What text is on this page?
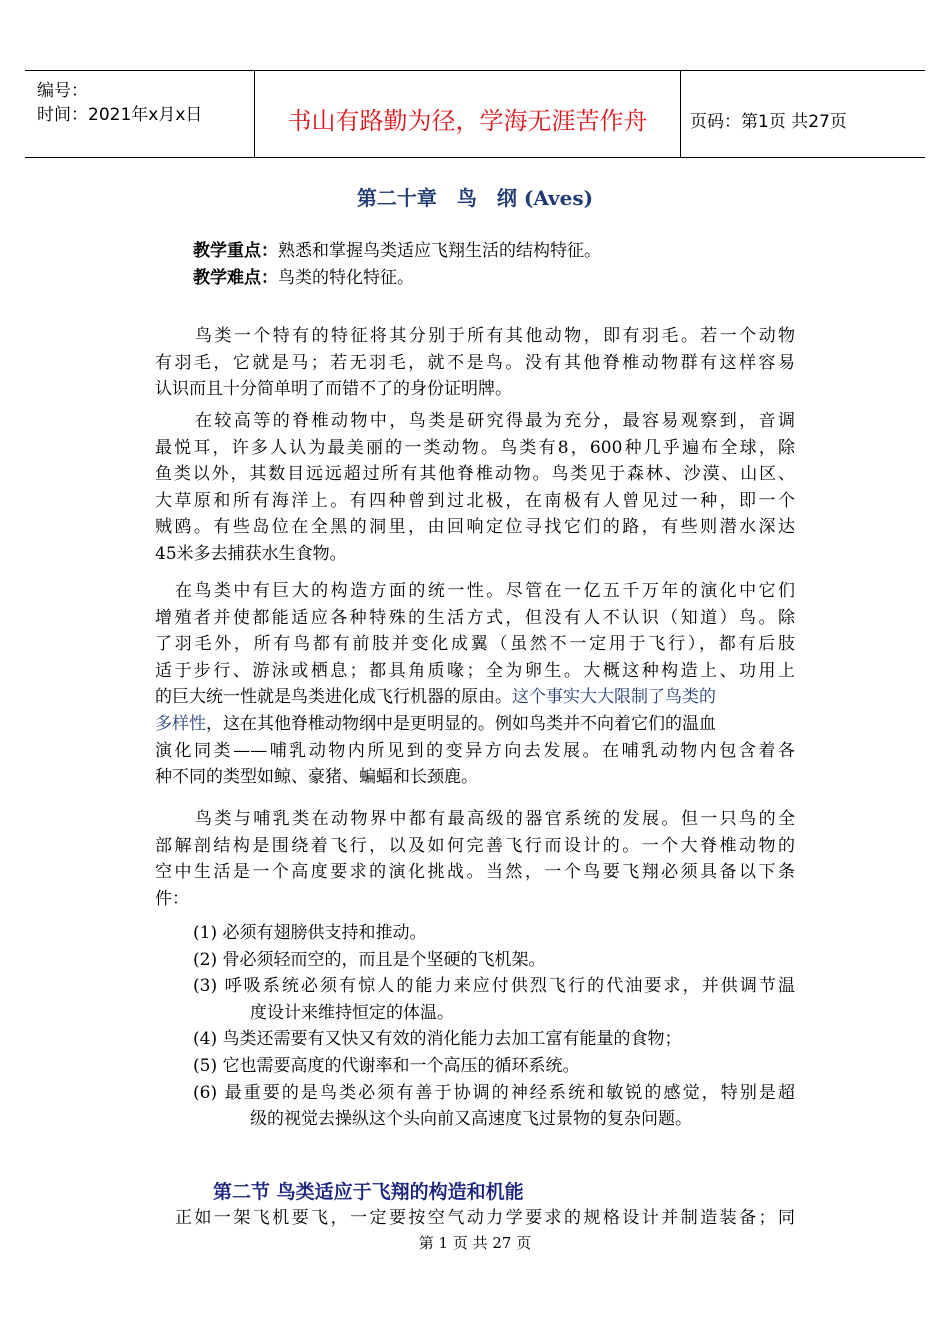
编号：
时间：2021年x月x日	书山有路勤为径，学海无涯苦作舟	页码：第1页 共27页
第二十章　鸟　纲 (Aves)
教学重点：熟悉和掌握鸟类适应飞翔生活的结构特征。
教学难点：鸟类的特化特征。
鸟类一个特有的特征将其分别于所有其他动物，即有羽毛。若一个动物
有羽毛，它就是马；若无羽毛，就不是鸟。没有其他脊椎动物群有这样容易
认识而且十分简单明了而错不了的身份证明牌。
在较高等的脊椎动物中，鸟类是研究得最为充分，最容易观察到，音调
最悦耳，许多人认为最美丽的一类动物。鸟类有8，600种几乎遍布全球，除
鱼类以外，其数目远远超过所有其他脊椎动物。鸟类见于森林、沙漠、山区、
大草原和所有海洋上。有四种曾到过北极，在南极有人曾见过一种，即一个
贼鸥。有些岛位在全黑的洞里，由回响定位寻找它们的路，有些则潜水深达
45米多去捕获水生食物。
在鸟类中有巨大的构造方面的统一性。尽管在一亿五千万年的演化中它们
增殖者并使都能适应各种特殊的生活方式，但没有人不认识（知道）鸟。除
了羽毛外，所有鸟都有前肢并变化成翼（虽然不一定用于飞行），都有后肢
适于步行、游泳或栖息；都具角质喙；全为卵生。大概这种构造上、功用上
的巨大统一性就是鸟类进化成飞行机器的原由。这个事实大大限制了鸟类的
多样性，这在其他脊椎动物纲中是更明显的。例如鸟类并不向着它们的温血
演化同类——哺乳动物内所见到的变异方向去发展。在哺乳动物内包含着各
种不同的类型如鲸、豪猪、蝙蝠和长颈鹿。
鸟类与哺乳类在动物界中都有最高级的器官系统的发展。但一只鸟的全
部解剖结构是围绕着飞行，以及如何完善飞行而设计的。一个大脊椎动物的
空中生活是一个高度要求的演化挑战。当然，一个鸟要飞翔必须具备以下条
件：
(1) 必须有翅膀供支持和推动。
(2) 骨必须轻而空的，而且是个坚硬的飞机架。
(3) 呼吸系统必须有惊人的能力来应付供烈飞行的代油要求，并供调节温
度设计来维持恒定的体温。
(4) 鸟类还需要有又快又有效的消化能力去加工富有能量的食物；
(5) 它也需要高度的代谢率和一个高压的循环系统。
(6) 最重要的是鸟类必须有善于协调的神经系统和敏锐的感觉，特别是超
级的视觉去操纵这个头向前又高速度飞过景物的复杂问题。
第二节 鸟类适应于飞翔的构造和机能
正如一架飞机要飞，一定要按空气动力学要求的规格设计并制造装备；同
第 1 页 共 27 页
